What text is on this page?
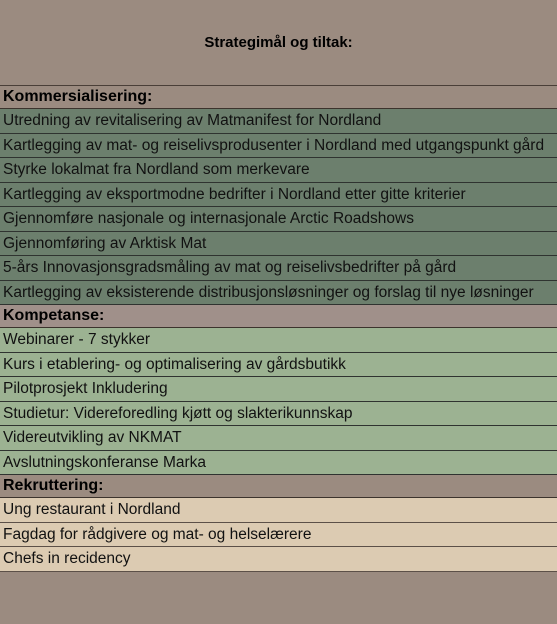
Strategimål og tiltak:
Kommersialisering:
Utredning av revitalisering av Matmanifest for Nordland
Kartlegging av mat- og reiselivsprodusenter i Nordland med utgangspunkt gård
Styrke lokalmat fra Nordland som merkevare
Kartlegging av eksportmodne bedrifter i Nordland etter gitte kriterier
Gjennomføre nasjonale og internasjonale Arctic Roadshows
Gjennomføring av Arktisk Mat
5-års Innovasjonsgradsmåling av mat og reiselivsbedrifter på gård
Kartlegging av eksisterende distribusjonsløsninger og forslag til nye løsninger
Kompetanse:
Webinarer - 7 stykker
Kurs i etablering- og optimalisering av gårdsbutikk
Pilotprosjekt Inkludering
Studietur: Videreforedling kjøtt og slakterikunnskap
Videreutvikling av NKMAT
Avslutningskonferanse Marka
Rekruttering:
Ung restaurant i Nordland
Fagdag for rådgivere og mat- og helselærere
Chefs in recidency
